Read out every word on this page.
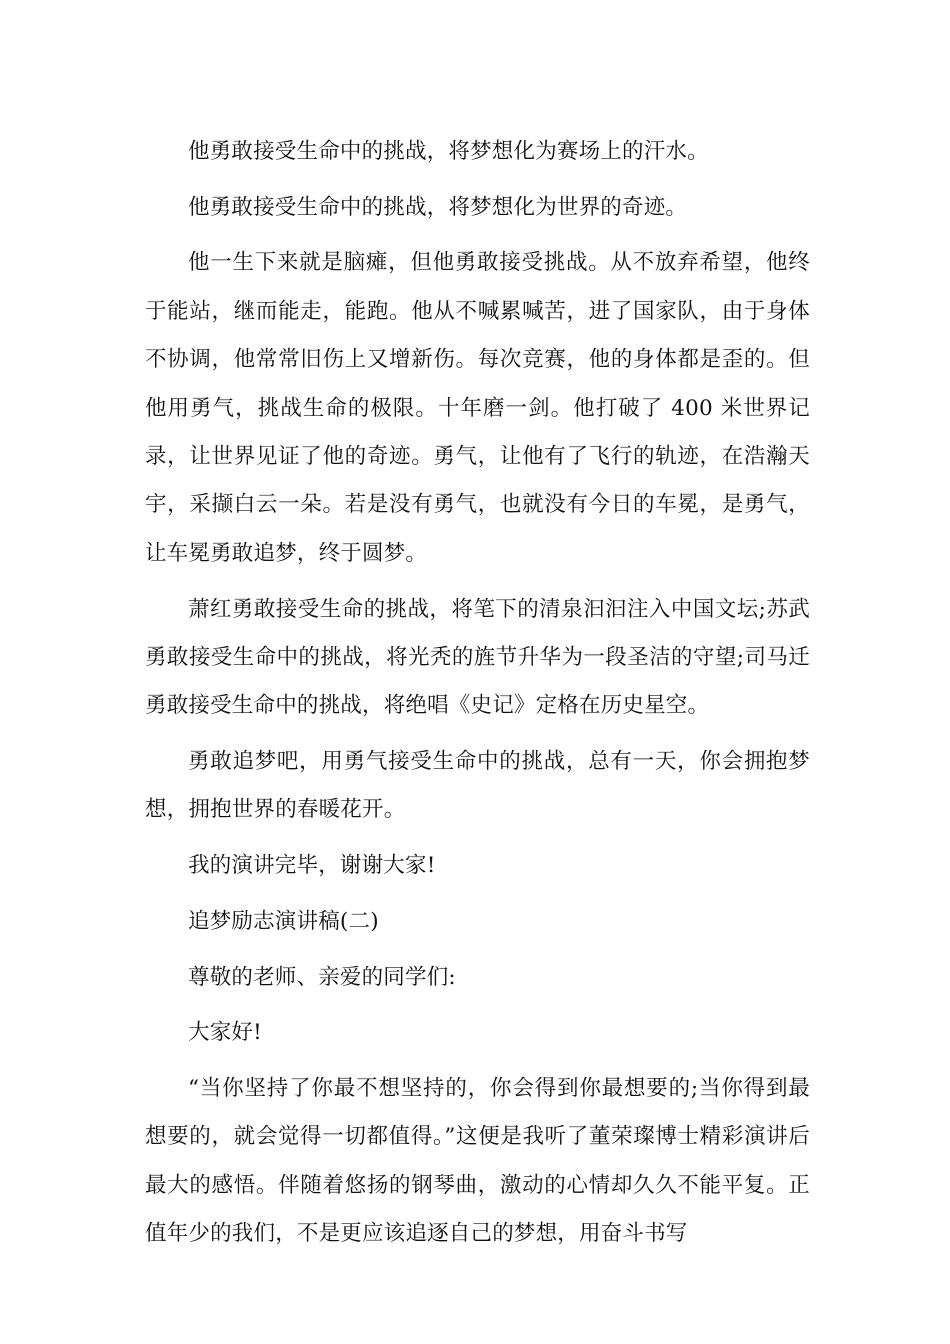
他勇敢接受生命中的挑战，将梦想化为赛场上的汗水。

他勇敢接受生命中的挑战，将梦想化为世界的奇迹。

他一生下来就是脑瘫，但他勇敢接受挑战。从不放弃希望，他终于能站，继而能走，能跑。他从不喊累喊苦，进了国家队，由于身体不协调，他常常旧伤上又增新伤。每次竞赛，他的身体都是歪的。但他用勇气，挑战生命的极限。十年磨一剑。他打破了 400 米世界记录，让世界见证了他的奇迹。勇气，让他有了飞行的轨迹，在浩瀚天宇，采撷白云一朵。若是没有勇气，也就没有今日的车冕，是勇气，让车冕勇敢追梦，终于圆梦。

萧红勇敢接受生命的挑战，将笔下的清泉汩汩注入中国文坛;苏武勇敢接受生命中的挑战，将光秃的旌节升华为一段圣洁的守望;司马迁勇敢接受生命中的挑战，将绝唱《史记》定格在历史星空。

勇敢追梦吧，用勇气接受生命中的挑战，总有一天，你会拥抱梦想，拥抱世界的春暖花开。

我的演讲完毕，谢谢大家!

追梦励志演讲稿(二)

尊敬的老师、亲爱的同学们:

大家好!

“当你坚持了你最不想坚持的，你会得到你最想要的;当你得到最想要的，就会觉得一切都值得。”这便是我听了董荣璨博士精彩演讲后最大的感悟。伴随着悠扬的钢琴曲，激动的心情却久久不能平复。正值年少的我们，不是更应该追逐自己的梦想，用奋斗书写
